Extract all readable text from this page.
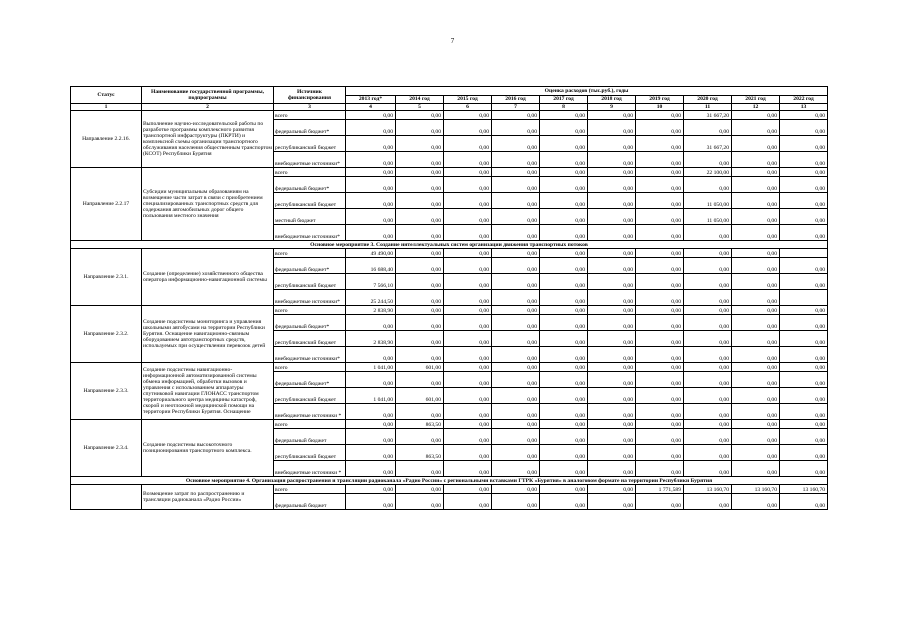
7
Статус	Наименование государственной программы, подпрограммы	Источник финансирования	Оценка расходов (тыс.руб.), годы									
			2013 год*	2014 год	2015 год	2016 год	2017 год	2018 год	2019 год	2020 год	2021 год	2022 год
1	2	3	4	5	6	7	8	9	10	11	12	13
Направление 2.2.16.	Выполнение научно-исследовательской работы по разработке программы комплексного развития транспортной инфраструктуры (ПКРТИ) и комплексной схемы организации транспортного обслуживания населения общественным транспортом (КСОТ) Республики Бурятия	всего	0,00	0,00	0,00	0,00	0,00	0,00	0,00	31 667,20	0,00	0,00
		федеральный бюджет*	0,00	0,00	0,00	0,00	0,00	0,00	0,00	0,00	0,00	0,00
		республиканский бюджет	0,00	0,00	0,00	0,00	0,00	0,00	0,00	31 667,20	0,00	0,00
		внебюджетные источники*	0,00	0,00	0,00	0,00	0,00	0,00	0,00	0,00	0,00	0,00
Направление 2.2.17	Субсидии муниципальным образованиям на возмещение части затрат в связи с приобретением специализированных транспортных средств для содержания автомобильных дорог общего пользования местного значения	всего	0,00	0,00	0,00	0,00	0,00	0,00	0,00	22 100,00	0,00	0,00
		федеральный бюджет*	0,00	0,00	0,00	0,00	0,00	0,00	0,00	0,00	0,00	0,00
		республиканский бюджет	0,00	0,00	0,00	0,00	0,00	0,00	0,00	11 050,00	0,00	0,00
		местный бюджет	0,00	0,00	0,00	0,00	0,00	0,00	0,00	11 050,00	0,00	0,00
		внебюджетные источники*	0,00	0,00	0,00	0,00	0,00	0,00	0,00	0,00	0,00	0,00
Основное мероприятие 3. Создание интеллектуальных систем организации движения транспортных потоков												
Направление 2.3.1.	Создание (определение) хозяйственного общества оператора информационно-навигационной системы	всего	49 490,00	0,00	0,00	0,00	0,00	0,00	0,00	0,00	0,00	
		федеральный бюджет*	16 688,40	0,00	0,00	0,00	0,00	0,00	0,00	0,00	0,00	0,00
		республиканский бюджет	7 566,10	0,00	0,00	0,00	0,00	0,00	0,00	0,00	0,00	0,00
		внебюджетные источники*	25 244,50	0,00	0,00	0,00	0,00	0,00	0,00	0,00	0,00	
Направление 2.3.2.	Создание подсистемы мониторинга и управления школьными автобусами на территории Республики Бурятия. Оснащение навигационно-связным оборудованием автотранспортных средств, используемых при осуществлении перевозок детей	всего	2 838,90	0,00	0,00	0,00	0,00	0,00	0,00	0,00	0,00	0,00
		федеральный бюджет*	0,00	0,00	0,00	0,00	0,00	0,00	0,00	0,00	0,00	0,00
		республиканский бюджет	2 838,90	0,00	0,00	0,00	0,00	0,00	0,00	0,00	0,00	0,00
		внебюджетные источники*	0,00	0,00	0,00	0,00	0,00	0,00	0,00	0,00	0,00	0,00
Направление 2.3.3.	Создание подсистемы навигационно-информационной автоматизированной системы обмена информацией, обработки вызовов и управления с использованием аппаратуры спутниковой навигации ГЛОНАСС транспортом территориального центра медицины катастроф, скорой и неотложной медицинской помощи на территории Республики Бурятия. Оснащение	всего	1 041,00	601,00	0,00	0,00	0,00	0,00	0,00	0,00	0,00	0,00
		федеральный бюджет*	0,00	0,00	0,00	0,00	0,00	0,00	0,00	0,00	0,00	0,00
		республиканский бюджет	1 041,00	601,00	0,00	0,00	0,00	0,00	0,00	0,00	0,00	0,00
		внебюджетные источники *	0,00	0,00	0,00	0,00	0,00	0,00	0,00	0,00	0,00	0,00
Направление 2.3.4.	Создание подсистемы высокоточного позиционирования транспортного комплекса.	всего	0,00	863,50	0,00	0,00	0,00	0,00	0,00	0,00	0,00	0,00
		федеральный бюджет	0,00	0,00	0,00	0,00	0,00	0,00	0,00	0,00	0,00	0,00
		республиканский бюджет	0,00	863,50	0,00	0,00	0,00	0,00	0,00	0,00	0,00	0,00
		внебюджетные источники *	0,00	0,00	0,00	0,00	0,00	0,00	0,00	0,00	0,00	0,00
Основное мероприятие 4. Организация распространения и трансляции радиоканала «Радио России» с региональными вставками ГТРК «Бурятия» в аналоговом формате на территории Республики Бурятия												
	Возмещение затрат по распространению и трансляции радиоканала «Радио России»	всего	0,00	0,00	0,00	0,00	0,00	0,00	1 771,589	13 160,70	13 160,70	13 160,70
		федеральный бюджет	0,00	0,00	0,00	0,00	0,00	0,00	0,00	0,00	0,00	0,00
